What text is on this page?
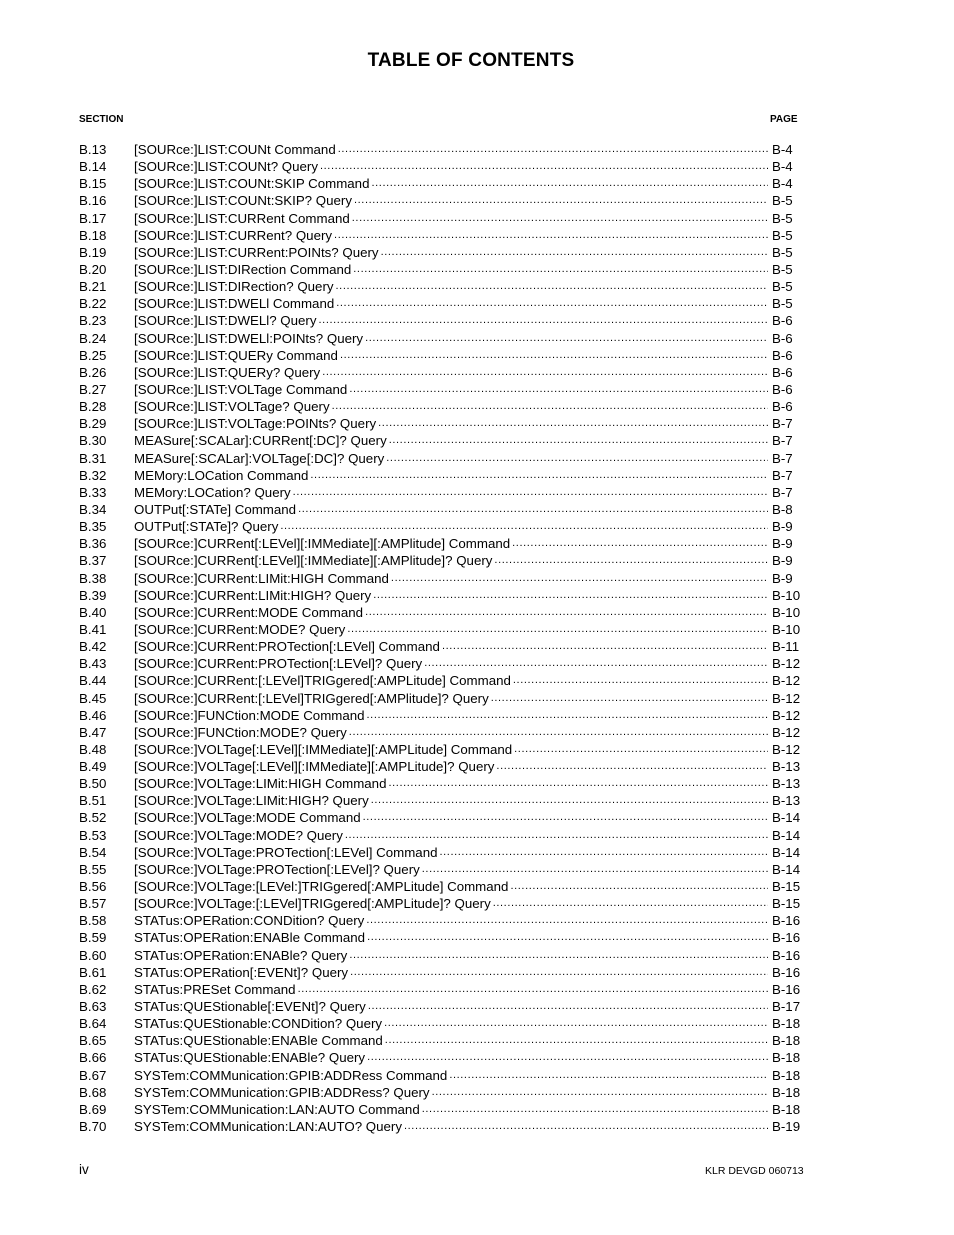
TABLE OF CONTENTS
SECTION	PAGE
B.13 [SOURce:]LIST:COUNt Command .....	B-4
B.14 [SOURce:]LIST:COUNt? Query .....	B-4
B.15 [SOURce:]LIST:COUNt:SKIP Command .....	B-4
B.16 [SOURce:]LIST:COUNt:SKIP? Query .....	B-5
B.17 [SOURce:]LIST:CURRent Command .....	B-5
B.18 [SOURce:]LIST:CURRent? Query .....	B-5
B.19 [SOURce:]LIST:CURRent:POINts? Query .....	B-5
B.20 [SOURce:]LIST:DIRection Command .....	B-5
B.21 [SOURce:]LIST:DIRection? Query .....	B-5
B.22 [SOURce:]LIST:DWELl Command .....	B-5
B.23 [SOURce:]LIST:DWELl? Query .....	B-6
B.24 [SOURce:]LIST:DWELl:POINts? Query .....	B-6
B.25 [SOURce:]LIST:QUERy Command .....	B-6
B.26 [SOURce:]LIST:QUERy? Query .....	B-6
B.27 [SOURce:]LIST:VOLTage Command .....	B-6
B.28 [SOURce:]LIST:VOLTage? Query .....	B-6
B.29 [SOURce:]LIST:VOLTage:POINts? Query .....	B-7
B.30 MEASure[:SCALar]:CURRent[:DC]? Query .....	B-7
B.31 MEASure[:SCALar]:VOLTage[:DC]? Query .....	B-7
B.32 MEMory:LOCation Command .....	B-7
B.33 MEMory:LOCation? Query .....	B-7
B.34 OUTPut[:STATe] Command .....	B-8
B.35 OUTPut[:STATe]? Query .....	B-9
B.36 [SOURce:]CURRent[:LEVel][:IMMediate][:AMPlitude] Command .....	B-9
B.37 [SOURce:]CURRent[:LEVel][:IMMediate][:AMPlitude]? Query .....	B-9
B.38 [SOURce:]CURRent:LIMit:HIGH Command .....	B-9
B.39 [SOURce:]CURRent:LIMit:HIGH? Query .....	B-10
B.40 [SOURce:]CURRent:MODE Command .....	B-10
B.41 [SOURce:]CURRent:MODE? Query .....	B-10
B.42 [SOURce:]CURRent:PROTection[:LEVel] Command .....	B-11
B.43 [SOURce:]CURRent:PROTection[:LEVel]? Query .....	B-12
B.44 [SOURce:]CURRent:[:LEVel]TRIGgered[:AMPLitude] Command .....	B-12
B.45 [SOURce:]CURRent:[:LEVel]TRIGgered[:AMPlitude]? Query .....	B-12
B.46 [SOURce:]FUNCtion:MODE Command .....	B-12
B.47 [SOURce:]FUNCtion:MODE? Query .....	B-12
B.48 [SOURce:]VOLTage[:LEVel][:IMMediate][:AMPLitude] Command .....	B-12
B.49 [SOURce:]VOLTage[:LEVel][:IMMediate][:AMPLitude]? Query .....	B-13
B.50 [SOURce:]VOLTage:LIMit:HIGH Command .....	B-13
B.51 [SOURce:]VOLTage:LIMit:HIGH? Query .....	B-13
B.52 [SOURce:]VOLTage:MODE Command .....	B-14
B.53 [SOURce:]VOLTage:MODE? Query .....	B-14
B.54 [SOURce:]VOLTage:PROTection[:LEVel] Command .....	B-14
B.55 [SOURce:]VOLTage:PROTection[:LEVel]? Query .....	B-14
B.56 [SOURce:]VOLTage:[LEVel:]TRIGgered[:AMPLitude] Command .....	B-15
B.57 [SOURce:]VOLTage:[:LEVel]TRIGgered[:AMPLitude]? Query .....	B-15
B.58 STATus:OPERation:CONDition? Query .....	B-16
B.59 STATus:OPERation:ENABle Command .....	B-16
B.60 STATus:OPERation:ENABle? Query .....	B-16
B.61 STATus:OPERation[:EVENt]? Query .....	B-16
B.62 STATus:PRESet Command .....	B-16
B.63 STATus:QUEStionable[:EVENt]? Query .....	B-17
B.64 STATus:QUEStionable:CONDition? Query .....	B-18
B.65 STATus:QUEStionable:ENABle Command .....	B-18
B.66 STATus:QUEStionable:ENABle? Query .....	B-18
B.67 SYSTem:COMMunication:GPIB:ADDRess Command .....	B-18
B.68 SYSTem:COMMunication:GPIB:ADDRess? Query .....	B-18
B.69 SYSTem:COMMunication:LAN:AUTO Command .....	B-18
B.70 SYSTem:COMMunication:LAN:AUTO? Query .....	B-19
iv	KLR DEVGD 060713
